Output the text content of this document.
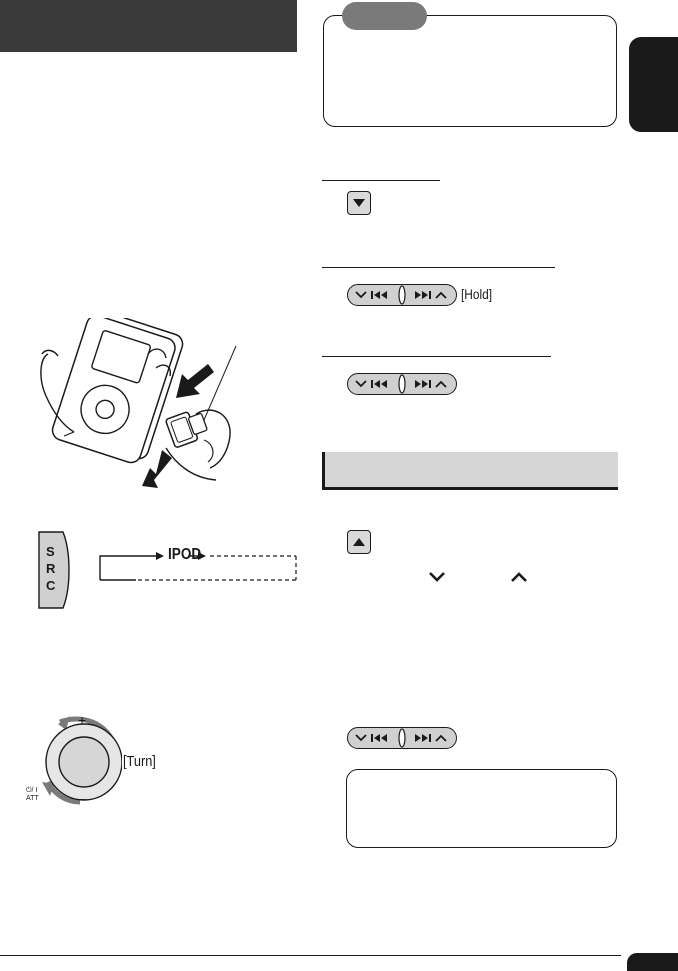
[Hold]
S
R
C
IPOD
+
–
[Turn]
⏻/ I
ATT
